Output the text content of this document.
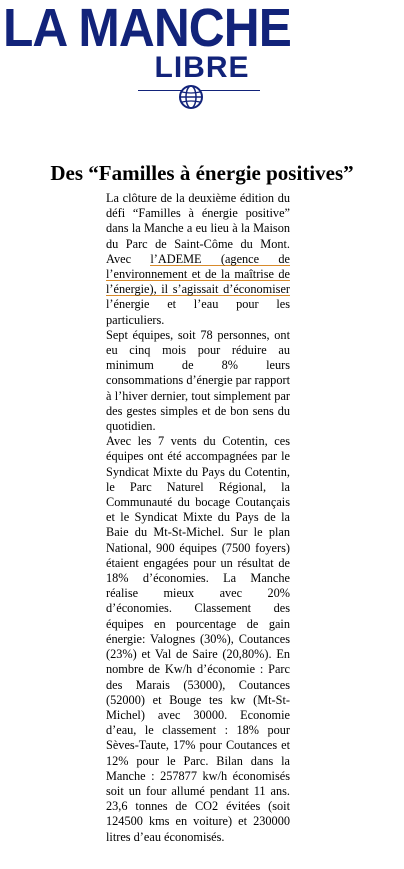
LA MANCHE
LIBRE
Des “Familles à énergie positives”

La clôture de la deuxième édition du défi “Familles à énergie positive” dans la Manche a eu lieu à la Maison du Parc de Saint-Côme du Mont. Avec l’ADEME (agence de l’environnement et de la maîtrise de l’énergie), il s’agissait d’économiser l’énergie et l’eau pour les particuliers.

Sept équipes, soit 78 personnes, ont eu cinq mois pour réduire au minimum de 8% leurs consommations d’énergie par rapport à l’hiver dernier, tout simplement par des gestes simples et de bon sens du quotidien.

Avec les 7 vents du Cotentin, ces équipes ont été accompagnées par le Syndicat Mixte du Pays du Cotentin, le Parc Naturel Régional, la Communauté du bocage Coutançais et le Syndicat Mixte du Pays de la Baie du Mt-St-Michel. Sur le plan National, 900 équipes (7500 foyers) étaient engagées pour un résultat de 18% d’économies. La Manche réalise mieux avec 20% d’économies. Classement des équipes en pourcentage de gain énergie: Valognes (30%), Coutances (23%) et Val de Saire (20,80%). En nombre de Kw/h d’économie : Parc des Marais (53000), Coutances (52000) et Bouge tes kw (Mt-St-Michel) avec 30000. Economie d’eau, le classement : 18% pour Sèves-Taute, 17% pour Coutances et 12% pour le Parc. Bilan dans la Manche : 257877 kw/h économisés soit un four allumé pendant 11 ans. 23,6 tonnes de CO2 évitées (soit 124500 kms en voiture) et 230000 litres d’eau économisés.
